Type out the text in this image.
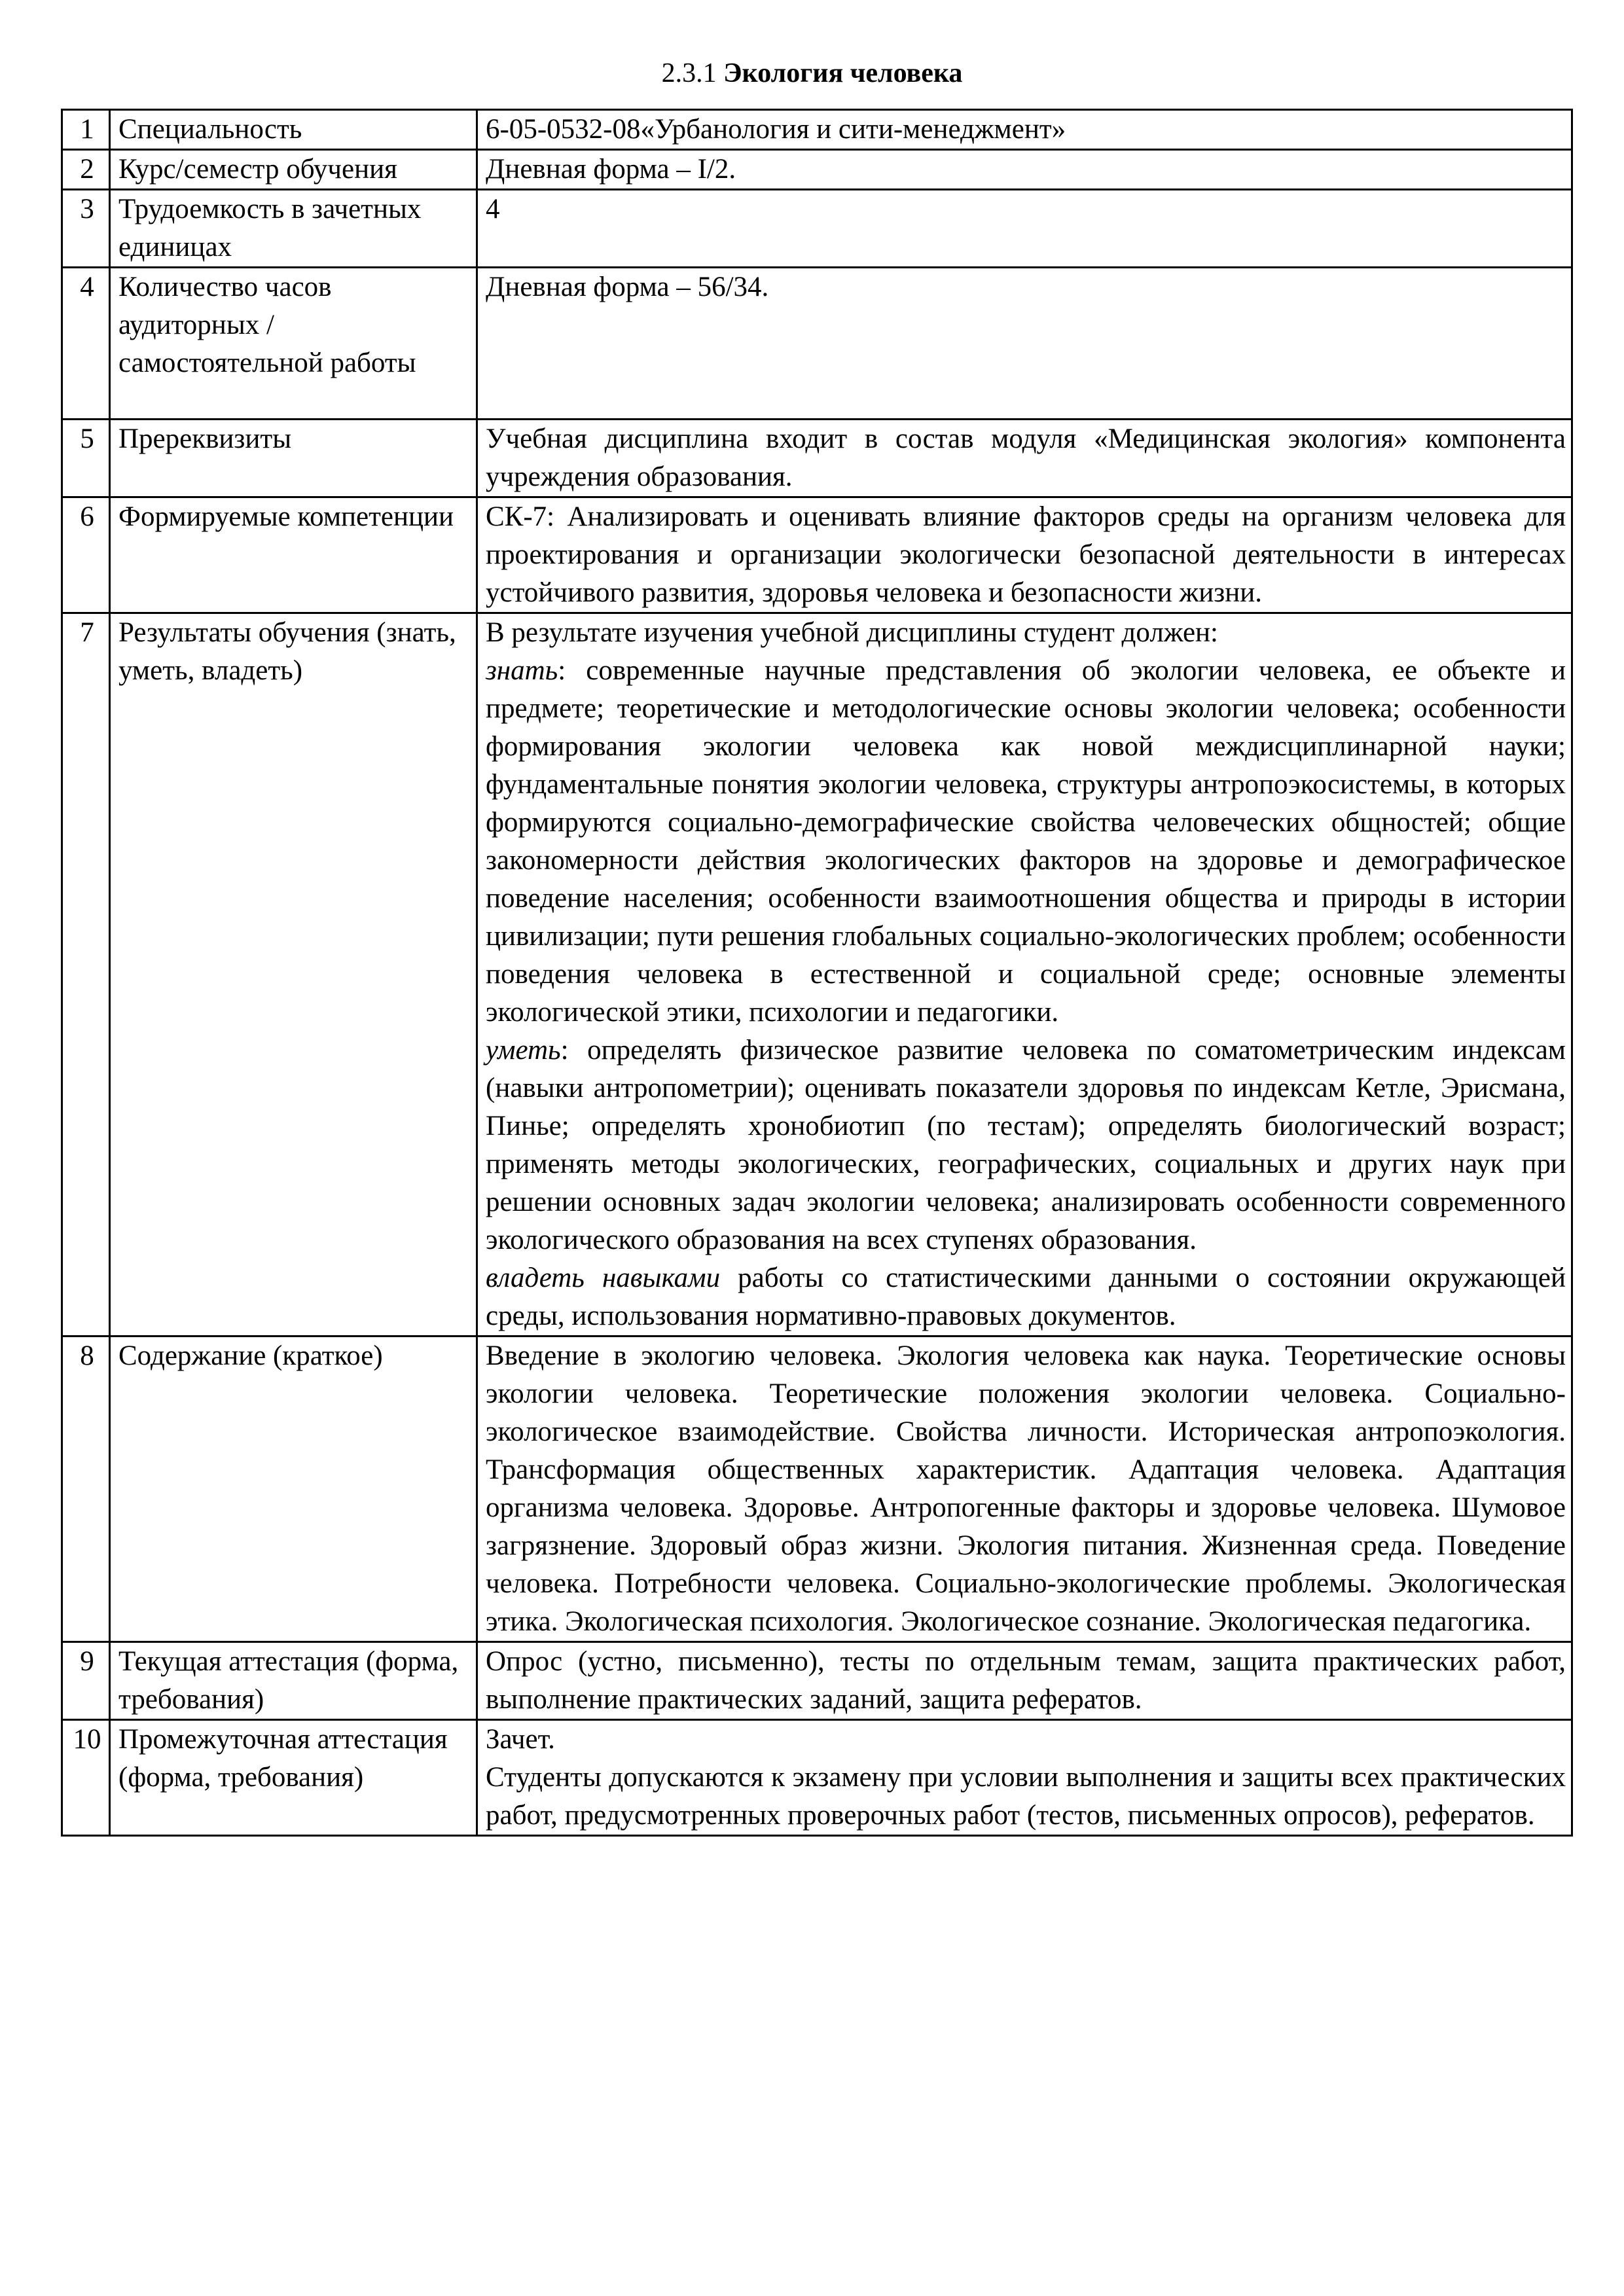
2.3.1 Экология человека
1	Специальность	6-05-0532-08«Урбанология и сити-менеджмент»
2	Курс/семестр обучения	Дневная форма – I/2.
3	Трудоемкость в зачетных единицах	4
4	Количество часов аудиторных / самостоятельной работы	Дневная форма – 56/34.
5	Пререквизиты	Учебная дисциплина входит в состав модуля «Медицинская экология» компонента учреждения образования.
6	Формируемые компетенции	СК-7: Анализировать и оценивать влияние факторов среды на организм человека для проектирования и организации экологически безопасной деятельности в интересах устойчивого развития, здоровья человека и безопасности жизни.
7	Результаты обучения (знать, уметь, владеть)	В результате изучения учебной дисциплины студент должен:
знать: современные научные представления об экологии человека, ее объекте и предмете; теоретические и методологические основы экологии человека; особенности формирования экологии человека как новой междисциплинарной науки; фундаментальные понятия экологии человека, структуры антропоэкосистемы, в которых формируются социально-демографические свойства человеческих общностей; общие закономерности действия экологических факторов на здоровье и демографическое поведение населения; особенности взаимоотношения общества и природы в истории цивилизации; пути решения глобальных социально-экологических проблем; особенности поведения человека в естественной и социальной среде; основные элементы экологической этики, психологии и педагогики.
уметь: определять физическое развитие человека по соматометрическим индексам (навыки антропометрии); оценивать показатели здоровья по индексам Кетле, Эрисмана, Пинье; определять хронобиотип (по тестам); определять биологический возраст; применять методы экологических, географических, социальных и других наук при решении основных задач экологии человека; анализировать особенности современного экологического образования на всех ступенях образования.
владеть навыками работы со статистическими данными о состоянии окружающей среды, использования нормативно-правовых документов.

8	Содержание (краткое)	Введение в экологию человека. Экология человека как наука. Теоретические основы экологии человека. Теоретические положения экологии человека. Социально-экологическое взаимодействие. Свойства личности. Историческая антропоэкология. Трансформация общественных характеристик. Адаптация человека. Адаптация организма человека. Здоровье. Антропогенные факторы и здоровье человека. Шумовое загрязнение. Здоровый образ жизни. Экология питания. Жизненная среда. Поведение человека. Потребности человека. Социально-экологические проблемы. Экологическая этика. Экологическая психология. Экологическое сознание. Экологическая педагогика.
9	Текущая аттестация (форма, требования)	Опрос (устно, письменно), тесты по отдельным темам, защита практических работ, выполнение практических заданий, защита рефератов.
10	Промежуточная аттестация (форма, требования)	Зачет.
Студенты допускаются к экзамену при условии выполнения и защиты всех практических работ, предусмотренных проверочных работ (тестов, письменных опросов), рефератов.
